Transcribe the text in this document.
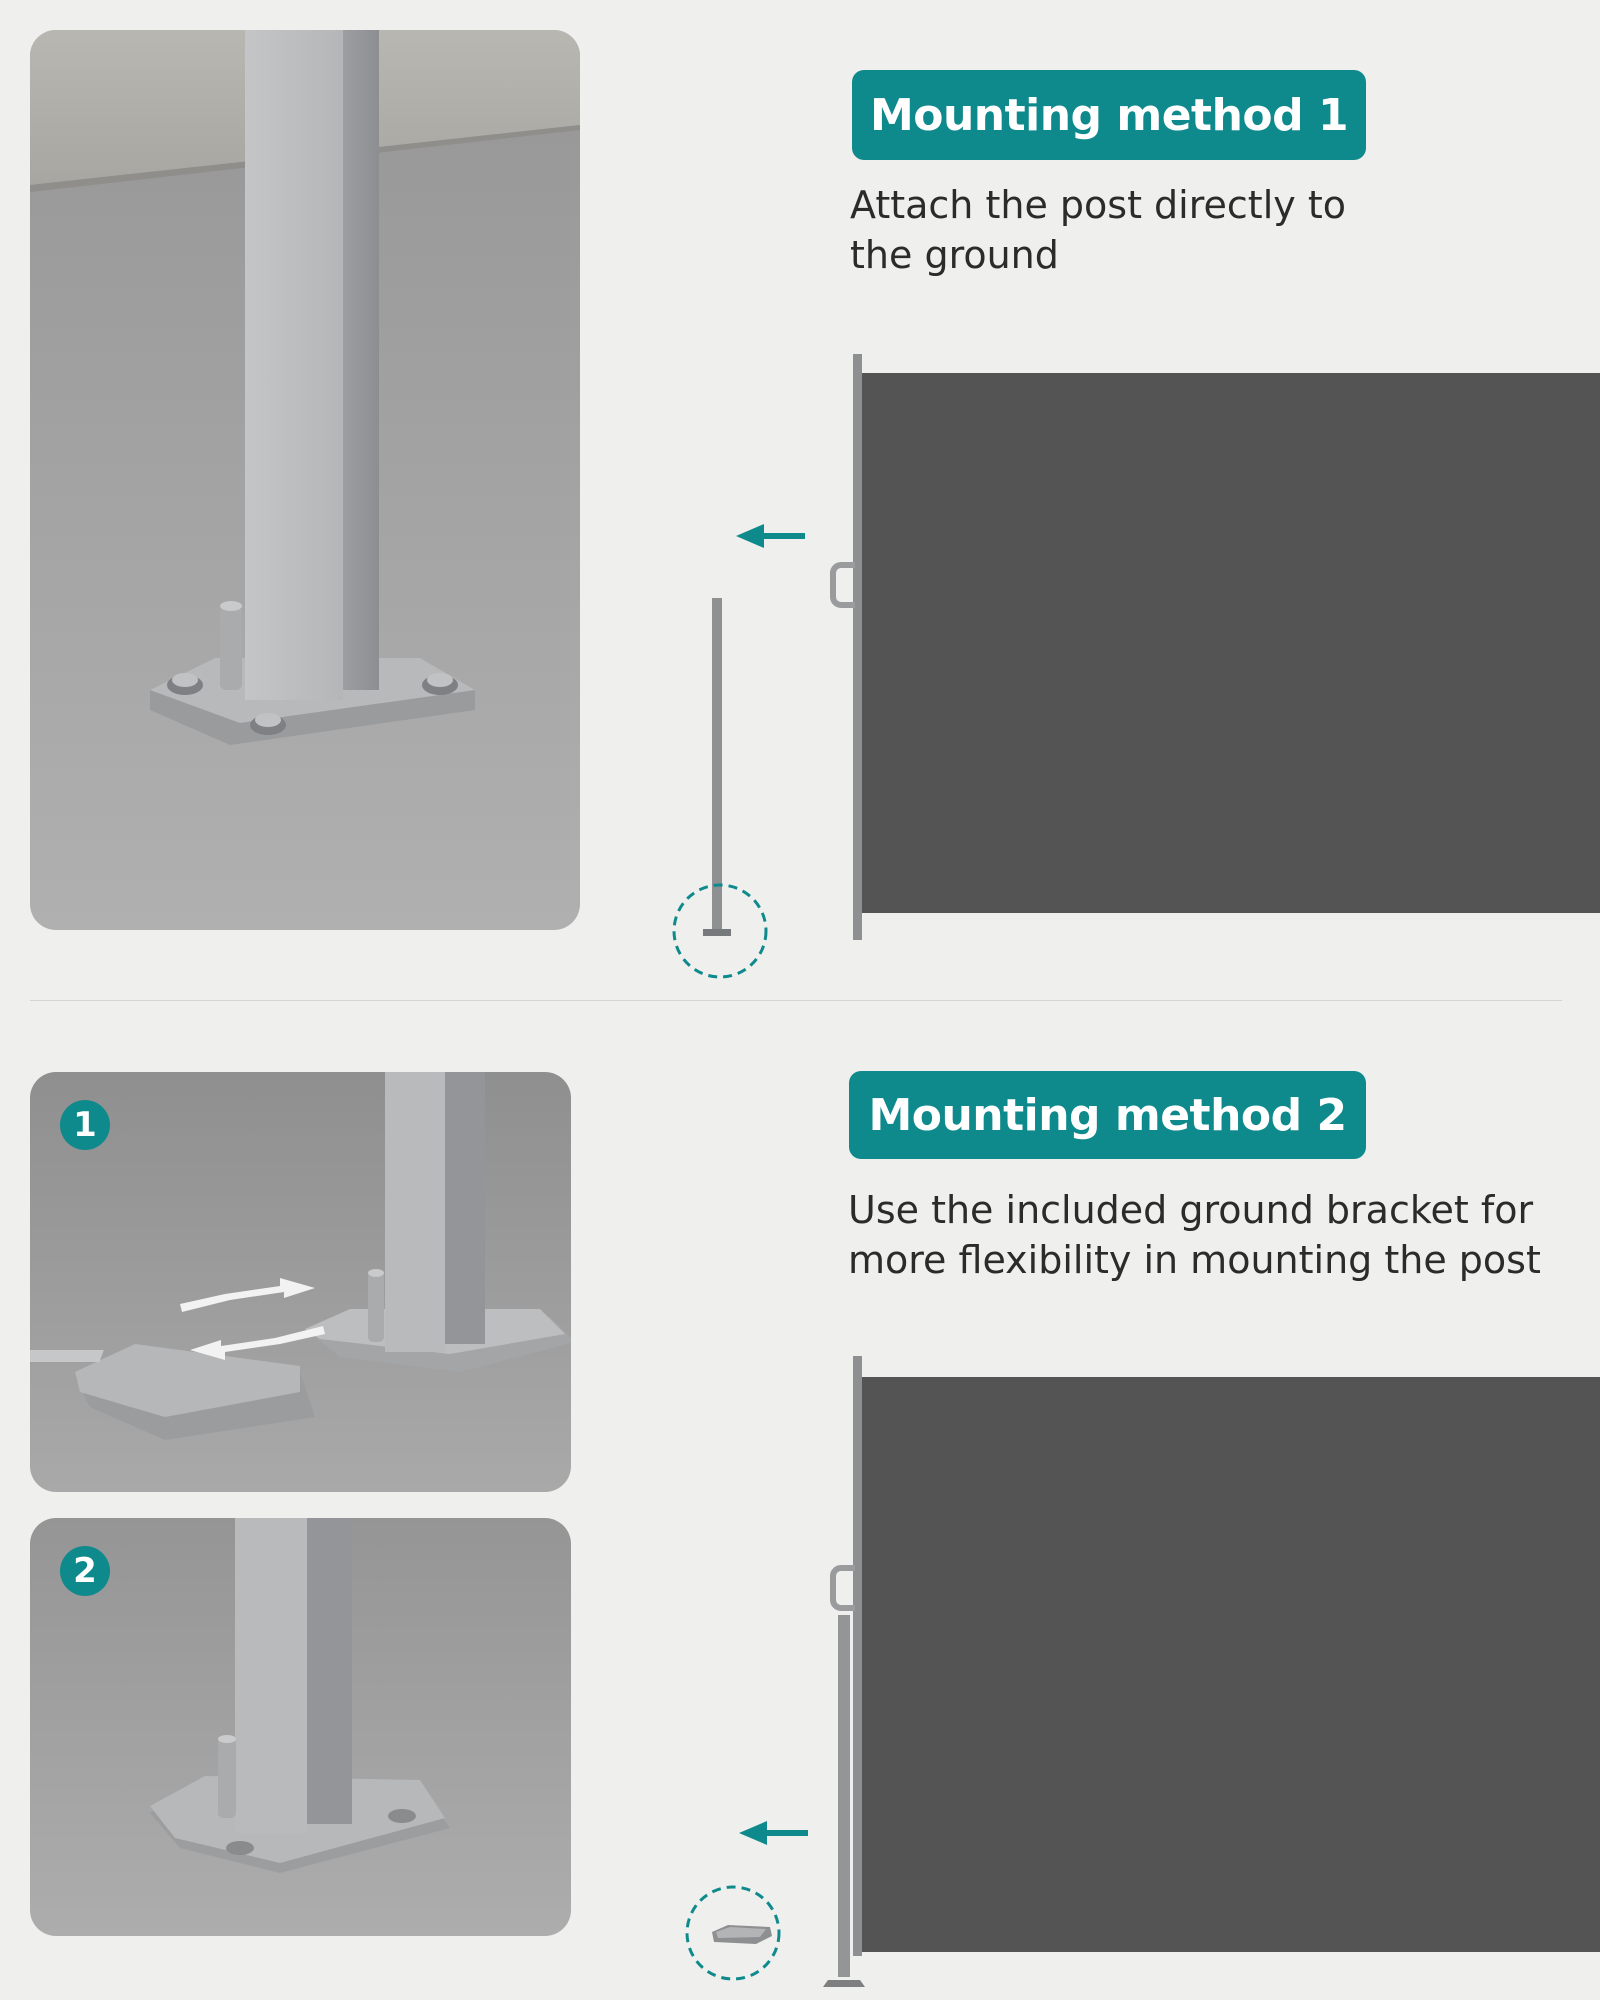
Mounting method 1
Attach the post directly to the ground
1
2
Mounting method 2
Use the included ground bracket for more flexibility in mounting the post
